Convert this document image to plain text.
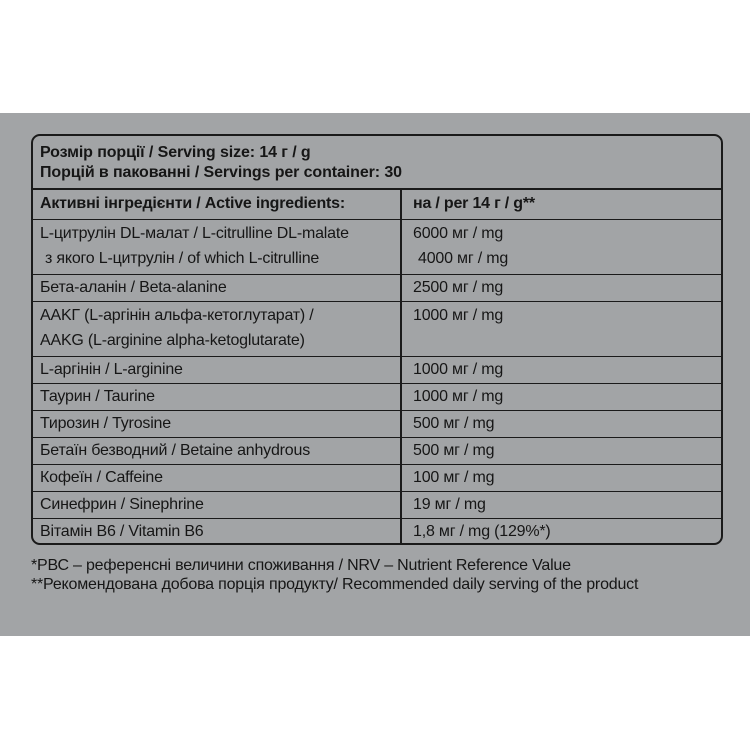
Розмір порції / Serving size: 14 г / g
Порцій в пакованні / Servings per container: 30
Активні інгредієнти / Active ingredients:	на / per 14 г / g**
L-цитрулін DL-малат / L-citrulline DL-malate	6000 мг / mg
з якого L-цитрулін / of which L-citrulline	4000 мг / mg
Бета-аланін / Beta-alanine	2500 мг / mg
AAKГ (L-аргінін альфа-кетоглутарат) /	1000 мг / mg
AAKG (L-arginine alpha-ketoglutarate)
L-аргінін / L-arginine	1000 мг / mg
Таурин / Taurine	1000 мг / mg
Тирозин / Tyrosine	500 мг / mg
Бетаїн безводний / Betaine anhydrous	500 мг / mg
Кофеїн / Caffeine	100 мг / mg
Синефрин / Sinephrine	19 мг / mg
Вітамін B6 / Vitamin B6	1,8 мг / mg (129%*)
*РВС – референсні величини споживання / NRV – Nutrient Reference Value
**Рекомендована добова порція продукту/ Recommended daily serving of the product
